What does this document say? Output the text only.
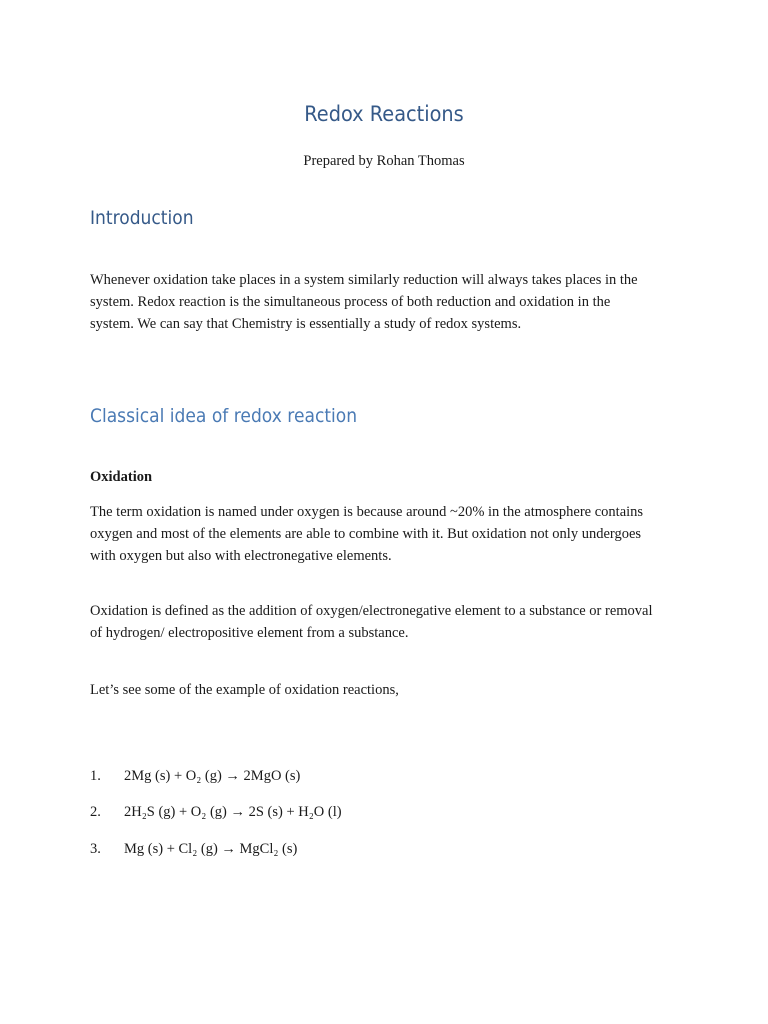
Redox Reactions

Prepared by Rohan Thomas

Introduction
Whenever oxidation take places in a system similarly reduction will always takes places in the
system. Redox reaction is the simultaneous process of both reduction and oxidation in the
system. We can say that Chemistry is essentially a study of redox systems.
Classical idea of redox reaction

Oxidation

The term oxidation is named under oxygen is because around ~20% in the atmosphere contains
oxygen and most of the elements are able to combine with it. But oxidation not only undergoes
with oxygen but also with electronegative elements.
Oxidation is defined as the addition of oxygen/electronegative element to a substance or removal
of hydrogen/ electropositive element from a substance.

Let’s see some of the example of oxidation reactions,

1. 2Mg (s) + O₂ (g) → 2MgO (s)
2. 2H₂S (g) + O₂ (g) → 2S (s) + H₂O (l)
3. Mg (s) + Cl₂ (g) → MgCl₂ (s)
